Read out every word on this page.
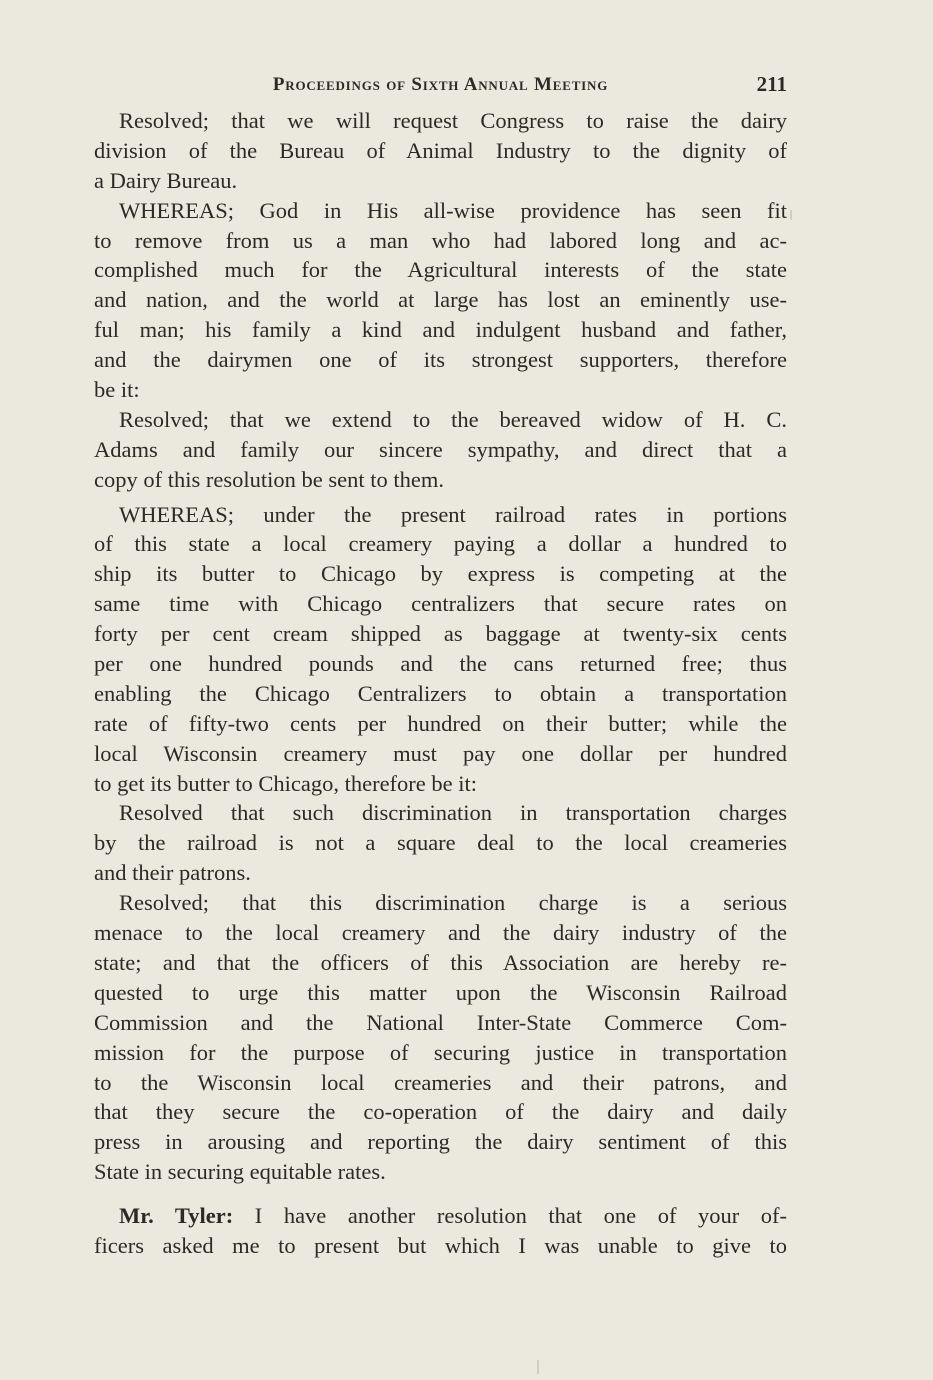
Proceedings of Sixth Annual Meeting	211
Resolved; that we will request Congress to raise the dairy
division of the Bureau of Animal Industry to the dignity of
a Dairy Bureau.
WHEREAS; God in His all-wise providence has seen fit
to remove from us a man who had labored long and ac-
complished much for the Agricultural interests of the state
and nation, and the world at large has lost an eminently use-
ful man; his family a kind and indulgent husband and father,
and the dairymen one of its strongest supporters, therefore
be it:
Resolved; that we extend to the bereaved widow of H. C.
Adams and family our sincere sympathy, and direct that a
copy of this resolution be sent to them.
WHEREAS; under the present railroad rates in portions
of this state a local creamery paying a dollar a hundred to
ship its butter to Chicago by express is competing at the
same time with Chicago centralizers that secure rates on
forty per cent cream shipped as baggage at twenty-six cents
per one hundred pounds and the cans returned free; thus
enabling the Chicago Centralizers to obtain a transportation
rate of fifty-two cents per hundred on their butter; while the
local Wisconsin creamery must pay one dollar per hundred
to get its butter to Chicago, therefore be it:
Resolved that such discrimination in transportation charges
by the railroad is not a square deal to the local creameries
and their patrons.
Resolved; that this discrimination charge is a serious
menace to the local creamery and the dairy industry of the
state; and that the officers of this Association are hereby re-
quested to urge this matter upon the Wisconsin Railroad
Commission and the National Inter-State Commerce Com-
mission for the purpose of securing justice in transportation
to the Wisconsin local creameries and their patrons, and
that they secure the co-operation of the dairy and daily
press in arousing and reporting the dairy sentiment of this
State in securing equitable rates.
Mr. Tyler: I have another resolution that one of your of-
ficers asked me to present but which I was unable to give to
